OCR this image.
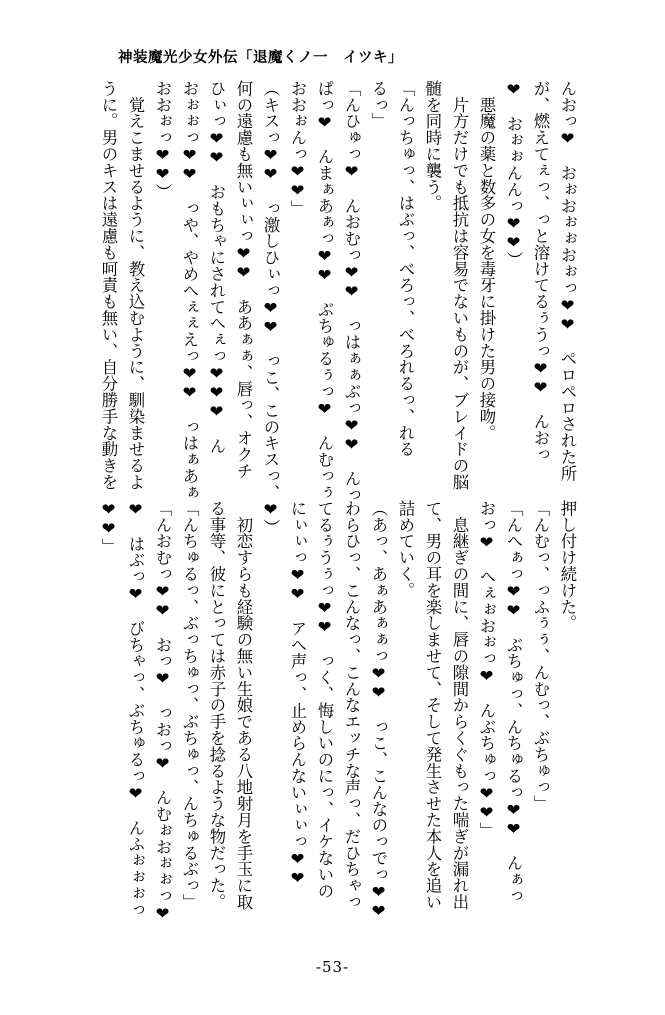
神装魔光少女外伝「退魔くノ一　イツキ」
んおっ❤　おぉおぉぉおぉっ❤❤　ペロペロされた所
が、燃えてぇっ、っと溶けてるぅうっ❤❤　んおっ
❤　おぉぉんんっ❤❤）
　悪魔の薬と数多の女を毒牙に掛けた男の接吻。
　片方だけでも抵抗は容易でないものが、ブレイドの脳
髄を同時に襲う。
「んっちゅっ、はぶっ、べろっ、べろれるっ、れる
るっ」
「んひゅっ❤　んおむっ❤❤　っはぁぁぶっ❤❤　んっ
ぱっ❤　んまぁあぁっ❤❤　ぶちゅるぅっ❤　んむっぅ
おおぉんっ❤❤」
（キスっ❤❤　っ激しひぃっ❤❤　っこ、このキスっ、
何の遠慮も無いぃぃっ❤❤　ああぁぁ、唇っ、オクチ
ひぃっ❤❤　おもちゃにされてへぇっ❤❤❤　ん
おぉぉっ❤❤　っや、やめへぇぇえっ❤❤　っはぁあぁ
おおぉっ❤❤）
　覚えこませるように、教え込むように、馴染ませるよ
うに。男のキスは遠慮も呵責も無い、自分勝手な動きを
押し付け続けた。
「んむっ、っふぅぅ、んむっ、ぶちゅっ」
「んへぁっ❤❤　ぶちゅっ、んちゅるっ❤❤　んぁっ
おっ❤　へぇぉおぉっ❤　んぶちゅっ❤❤」
　息継ぎの間に、唇の隙間からくぐもった喘ぎが漏れ出
て、男の耳を楽しませて、そして発生させた本人を追い
詰めていく。
（あっ、あぁあぁぁっ❤❤　っこ、こんなのっでっ❤❤
わらひっ、こんなっ、こんなエッチな声っ、だひちゃっ
てるぅうぅっ❤❤　っく、悔しいのにっ、イケないの
にぃぃっ❤❤　アへ声っ、止めらんないぃぃっ❤❤
❤）
　初恋すらも経験の無い生娘である八地射月を手玉に取
る事等、彼にとっては赤子の手を捻るような物だった。
「んちゅるっ、ぶっちゅっ、ぶちゅっ、んちゅるぶっ」
「んおむっ❤❤　おっ❤　っおっ❤　んむぉおぉぉっ❤
❤　はぶっ❤　びちゃっ、ぶちゅるっ❤　んふぉぉぉっ
❤❤」
-53-
